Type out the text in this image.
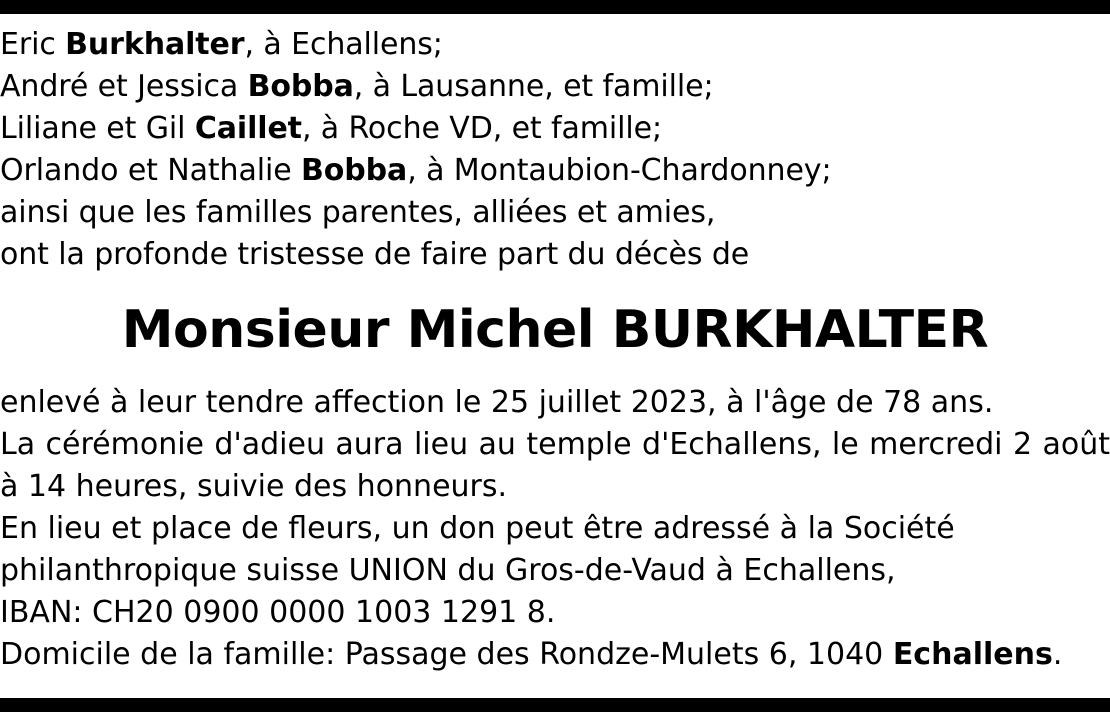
Eric Burkhalter, à Echallens;
André et Jessica Bobba, à Lausanne, et famille;
Liliane et Gil Caillet, à Roche VD, et famille;
Orlando et Nathalie Bobba, à Montaubion-Chardonney;
ainsi que les familles parentes, alliées et amies,
ont la profonde tristesse de faire part du décès de
Monsieur Michel BURKHALTER
enlevé à leur tendre affection le 25 juillet 2023, à l'âge de 78 ans.
La cérémonie d'adieu aura lieu au temple d'Echallens, le mercredi 2 août à 14 heures, suivie des honneurs.
En lieu et place de fleurs, un don peut être adressé à la Société
philanthropique suisse UNION du Gros-de-Vaud à Echallens,
IBAN: CH20 0900 0000 1003 1291 8.
Domicile de la famille: Passage des Rondze-Mulets 6, 1040 Echallens.
